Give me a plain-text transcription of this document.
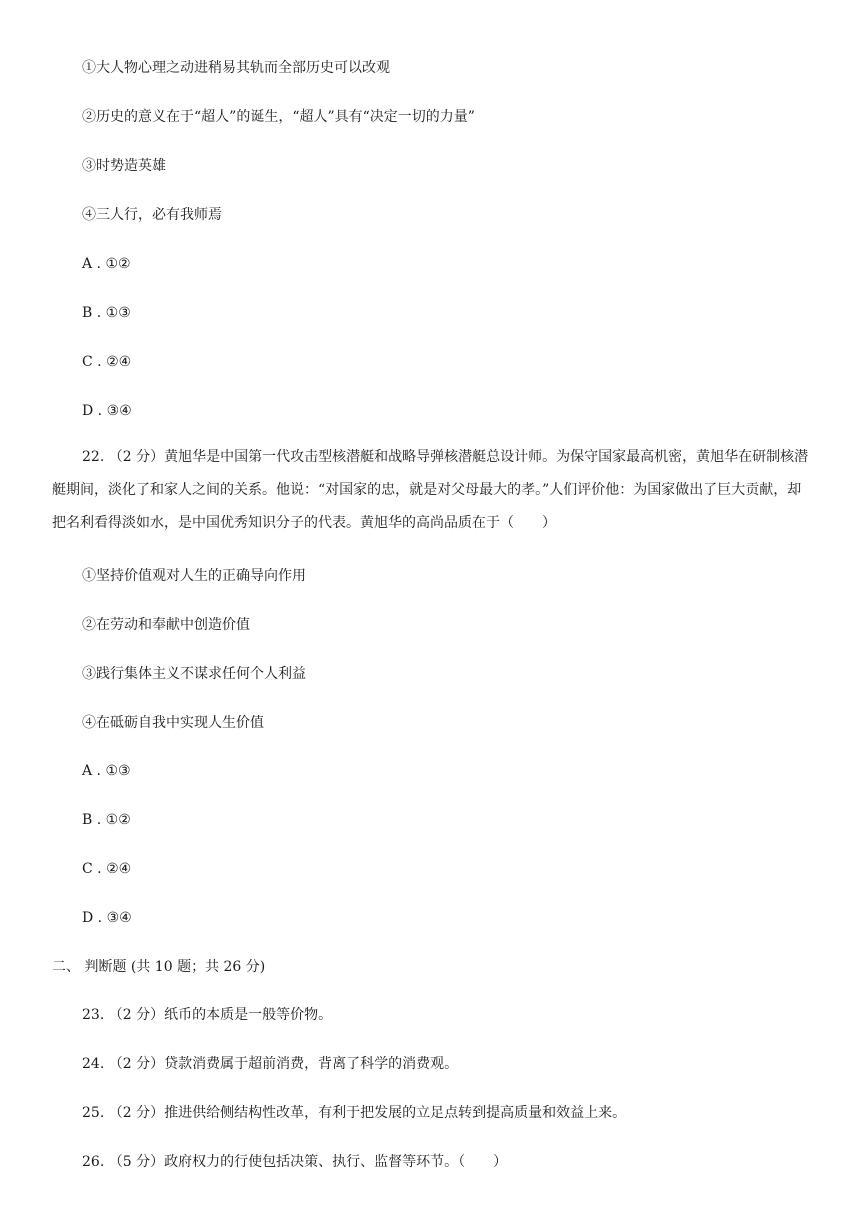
①大人物心理之动进稍易其轨而全部历史可以改观
②历史的意义在于“超人”的诞生，“超人”具有“决定一切的力量”
③时势造英雄
④三人行，必有我师焉
A . ①②
B . ①③
C . ②④
D . ③④
22. （2 分）黄旭华是中国第一代攻击型核潜艇和战略导弹核潜艇总设计师。为保守国家最高机密，黄旭华在研制核潜艇期间，淡化了和家人之间的关系。他说：“对国家的忠，就是对父母最大的孝。”人们评价他：为国家做出了巨大贡献，却把名利看得淡如水，是中国优秀知识分子的代表。黄旭华的高尚品质在于（　　）
①坚持价值观对人生的正确导向作用
②在劳动和奉献中创造价值
③践行集体主义不谋求任何个人利益
④在砥砺自我中实现人生价值
A . ①③
B . ①②
C . ②④
D . ③④
二、 判断题 (共 10 题；共 26 分)
23. （2 分）纸币的本质是一般等价物。
24. （2 分）贷款消费属于超前消费，背离了科学的消费观。
25. （2 分）推进供给侧结构性改革，有利于把发展的立足点转到提高质量和效益上来。
26. （5 分）政府权力的行使包括决策、执行、监督等环节。（　　）
